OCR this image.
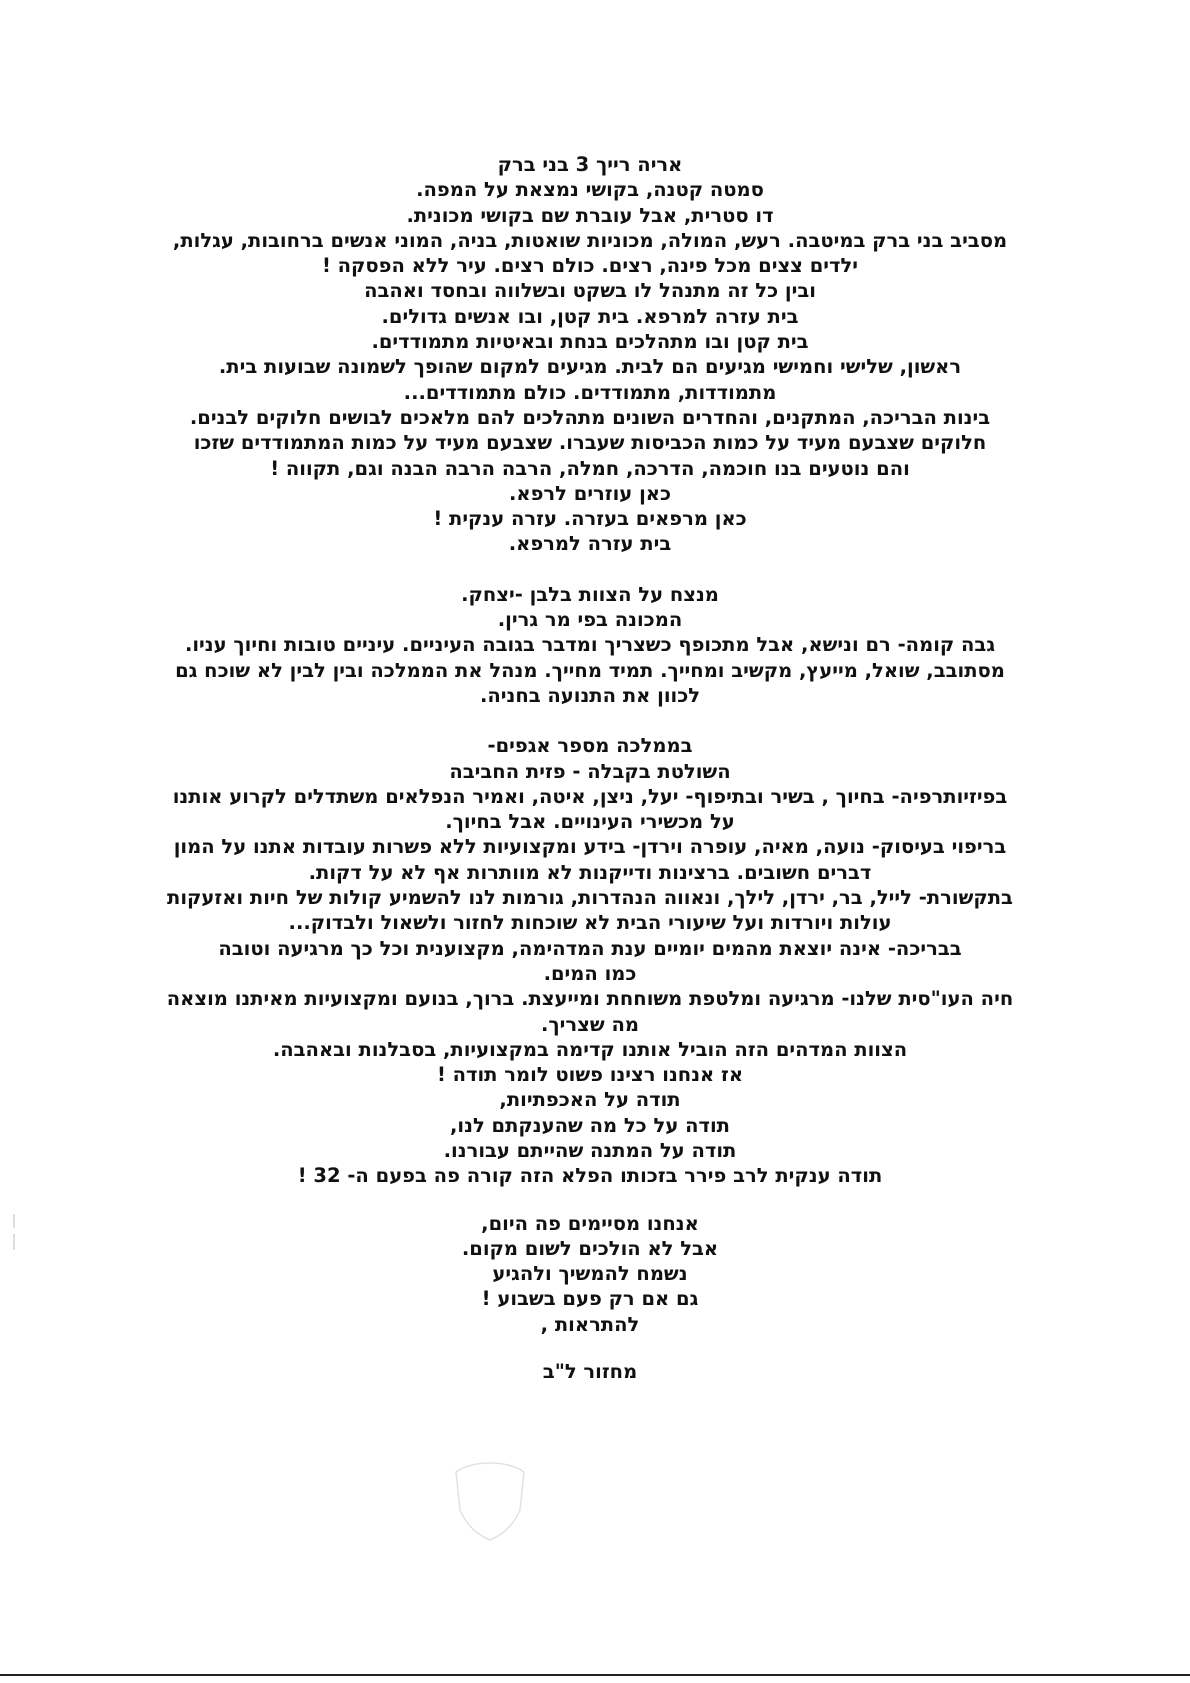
אריה רייך 3 בני ברק

סמטה קטנה, בקושי נמצאת על המפה.

דו סטרית, אבל עוברת שם בקושי מכונית.

מסביב בני ברק במיטבה. רעש, המולה, מכוניות שואטות, בניה, המוני אנשים ברחובות, עגלות, ילדים צצים מכל פינה, רצים. כולם רצים. עיר ללא הפסקה !

ובין כל זה מתנהל לו בשקט ובשלווה ובחסד ואהבה

בית עזרה למרפא. בית קטן, ובו אנשים גדולים.

בית קטן ובו מתהלכים בנחת ובאיטיות מתמודדים.

ראשון, שלישי וחמישי מגיעים הם לבית. מגיעים למקום שהופך לשמונה שבועות בית.

מתמודדות, מתמודדים. כולם מתמודדים...

בינות הבריכה, המתקנים, והחדרים השונים מתהלכים להם מלאכים לבושים חלוקים לבנים. חלוקים שצבעם מעיד על כמות הכביסות שעברו. שצבעם מעיד על כמות המתמודדים שזכו

והם נוטעים בנו חוכמה, הדרכה, חמלה, הרבה הרבה הבנה וגם, תקווה !

כאן עוזרים לרפא.

כאן מרפאים בעזרה. עזרה ענקית !

בית עזרה למרפא.

מנצח על הצוות בלבן -יצחק.

המכונה בפי מר גרין.

גבה קומה- רם ונישא, אבל מתכופף כשצריך ומדבר בגובה העיניים. עיניים טובות וחיוך עניו. מסתובב, שואל, מייעץ, מקשיב ומחייך. תמיד מחייך. מנהל את הממלכה ובין לבין לא שוכח גם לכוון את התנועה בחניה.

בממלכה מספר אגפים-

השולטת בקבלה - פזית החביבה

בפיזיותרפיה- בחיוך , בשיר ובתיפוף- יעל, ניצן, איטה, ואמיר הנפלאים משתדלים לקרוע אותנו על מכשירי העינויים. אבל בחיוך.

בריפוי בעיסוק- נועה, מאיה, עופרה וירדן- בידע ומקצועיות ללא פשרות עובדות אתנו על המון דברים חשובים. ברצינות ודייקנות לא מוותרות אף לא על דקות.

בתקשורת- לייל, בר, ירדן, לילך, ונאווה הנהדרות, גורמות לנו להשמיע קולות של חיות ואזעקות עולות ויורדות ועל שיעורי הבית לא שוכחות לחזור ולשאול ולבדוק...

בבריכה- אינה יוצאת מהמים יומיים ענת המדהימה, מקצוענית וכל כך מרגיעה וטובה

כמו המים.

חיה העו"סית שלנו- מרגיעה ומלטפת משוחחת ומייעצת. ברוך, בנועם ומקצועיות מאיתנו מוצאה מה שצריך.

הצוות המדהים הזה הוביל אותנו קדימה במקצועיות, בסבלנות ובאהבה.

אז אנחנו רצינו פשוט לומר תודה !

תודה על האכפתיות,

תודה על כל מה שהענקתם לנו,

תודה על המתנה שהייתם עבורנו.

תודה ענקית לרב פירר בזכותו הפלא הזה קורה פה בפעם ה- 32 !

אנחנו מסיימים פה היום,

אבל לא הולכים לשום מקום.

נשמח להמשיך ולהגיע

גם אם רק פעם בשבוע !

להתראות ,

מחזור ל"ב
